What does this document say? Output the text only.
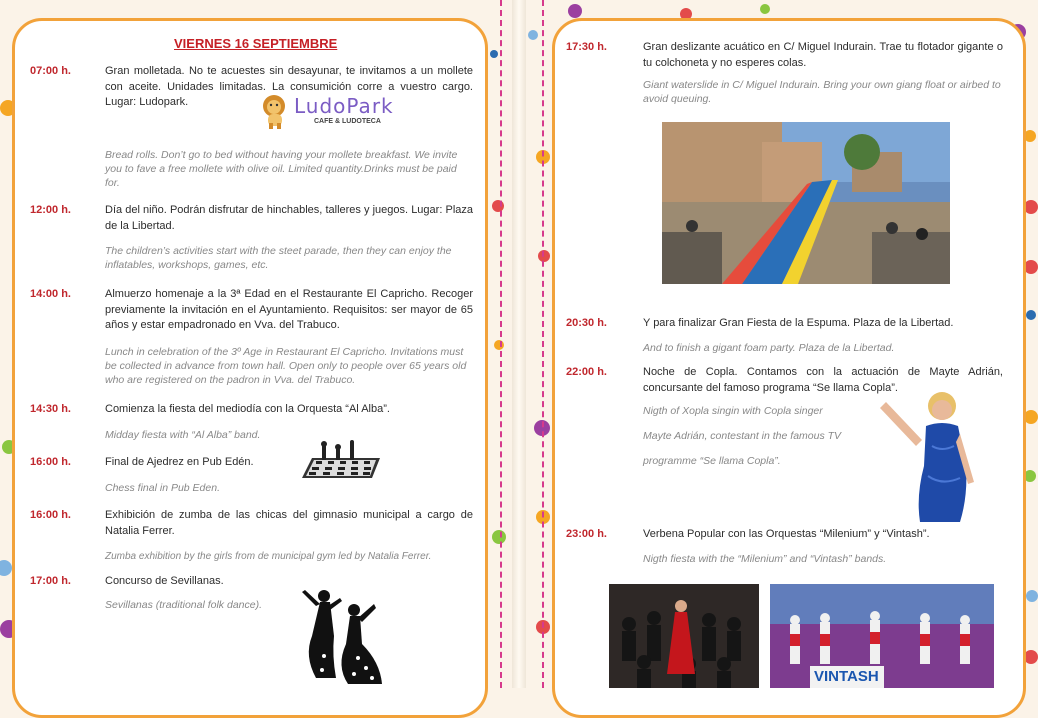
VIERNES 16 SEPTIEMBRE
07:00 h.	Gran molletada. No te acuestes sin desayunar, te invitamos a un mollete con aceite. Unidades limitadas. La consumición corre a vuestro cargo. Lugar: Ludopark.	LudoPark
CAFE & LUDOTECA
Bread rolls. Don’t go to bed without having your mollete breakfast. We invite you to fave a free mollete with olive oil. Limited quantity.Drinks must be paid for.
12:00 h.	Día del niño. Podrán disfrutar de hinchables, talleres y juegos. Lugar: Plaza de la Libertad.
The children’s activities start with the steet parade, then they can enjoy the inflatables, workshops, games, etc.
14:00 h.	Almuerzo homenaje a la 3ª Edad en el Restaurante El Capricho. Recoger previamente la invitación en el Ayuntamiento. Requisitos: ser mayor de 65 años y estar empadronado en Vva. del Trabuco.
Lunch in celebration of the 3º Age in Restaurant El Capricho. Invitations must be collected in advance from town hall. Open only to people over 65 years old who are registered on the padron in Vva. del Trabuco.
14:30 h.	Comienza la fiesta del mediodía con la Orquesta “Al Alba”.
Midday fiesta with “Al Alba” band.
16:00 h.	Final de Ajedrez en Pub Edén.
Chess final in Pub Eden.
16:00 h.	Exhibición de zumba de las chicas del gimnasio municipal a cargo de Natalia Ferrer.
Zumba exhibition by the girls from de municipal gym led by Natalia Ferrer.
17:00 h.	Concurso de Sevillanas.
Sevillanas (traditional folk dance).
17:30 h.	Gran deslizante acuático en C/ Miguel Indurain. Trae tu flotador gigante o tu colchoneta y no esperes colas.
Giant waterslide in C/ Miguel Indurain. Bring your own giang float or airbed to avoid queuing.
20:30 h.	Y para finalizar Gran Fiesta de la Espuma. Plaza de la Libertad.
And to finish a gigant foam party. Plaza de la Libertad.
22:00 h.	Noche de Copla. Contamos con la actuación de Mayte Adrián, concursante del famoso programa “Se llama Copla”.
Nigth of Xopla singin with Copla singer
Mayte Adrián, contestant in the famous TV
programme “Se llama Copla”.
23:00 h.	Verbena Popular con las Orquestas “Milenium” y “Vintash”.
Nigth fiesta with the “Milenium” and “Vintash” bands.
VINTASH
